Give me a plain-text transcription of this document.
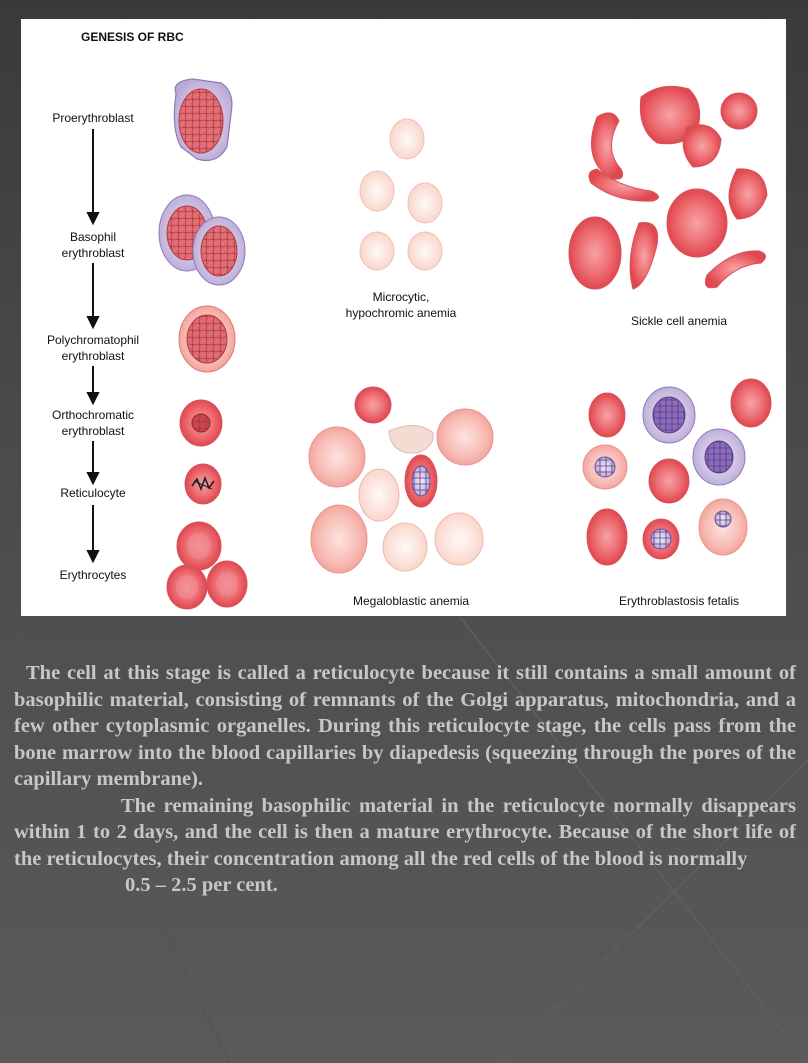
GENESIS OF RBC
Proerythroblast
Basophil
erythroblast
Polychromatophil
erythroblast
Orthochromatic
erythroblast
Reticulocyte
Erythrocytes
Microcytic,
hypochromic anemia
Sickle cell anemia
Megaloblastic anemia	Erythroblastosis fetalis

The cell at this stage is called a reticulocyte because it still contains a small amount of basophilic material, consisting of remnants of the Golgi apparatus, mitochondria, and a few other cytoplasmic organelles. During this reticulocyte stage, the cells pass from the bone marrow into the blood capillaries by diapedesis (squeezing through the pores of the capillary membrane).

The remaining basophilic material in the reticulocyte normally disappears within 1 to 2 days, and the cell is then a mature erythrocyte. Because of the short life of the reticulocytes, their concentration among all the red cells of the blood is normally
0.5 – 2.5 per cent.
